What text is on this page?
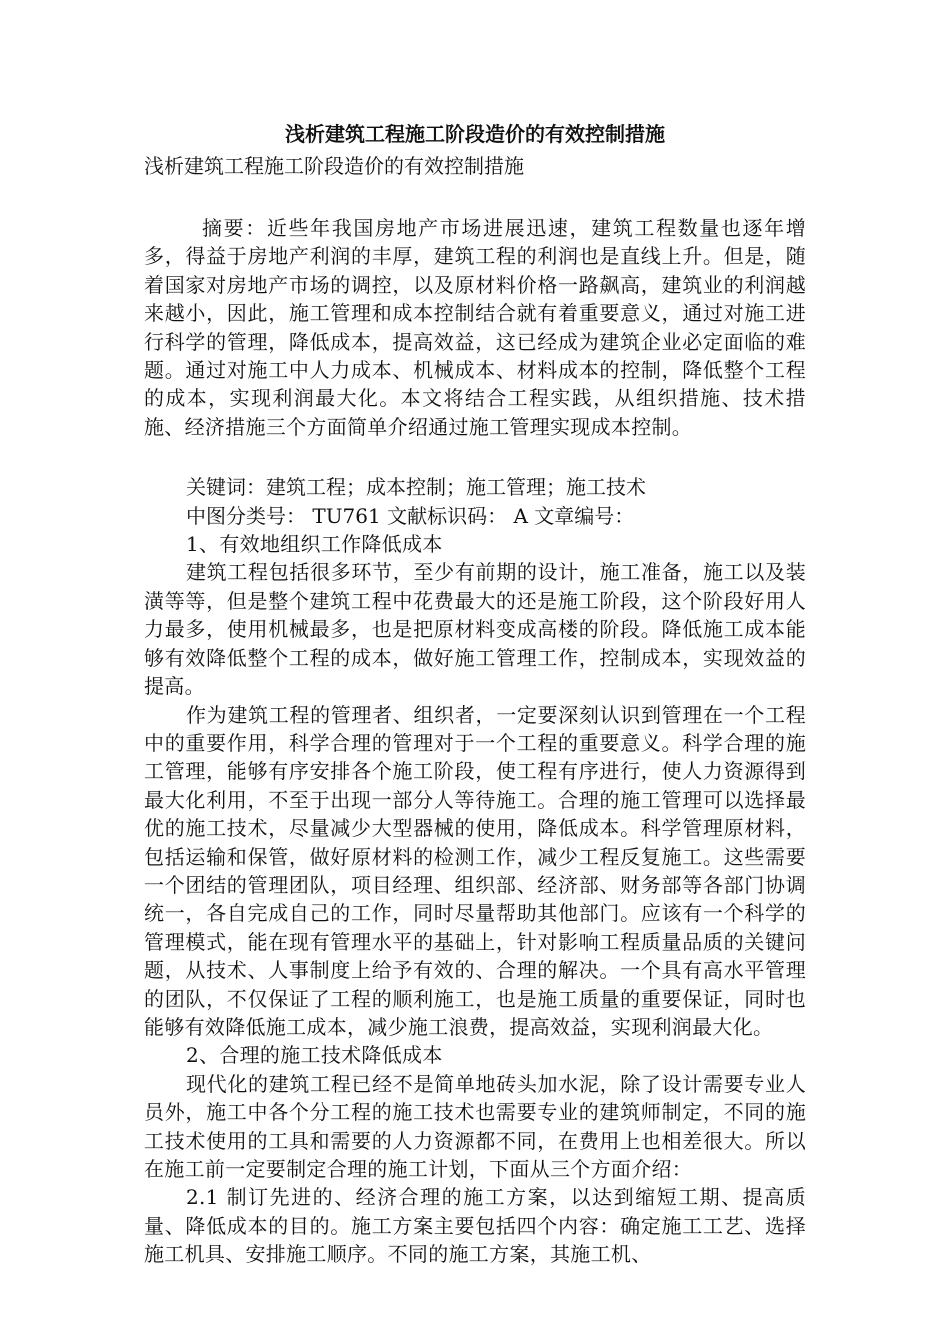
浅析建筑工程施工阶段造价的有效控制措施

浅析建筑工程施工阶段造价的有效控制措施

摘要：近些年我国房地产市场进展迅速，建筑工程数量也逐年增多，得益于房地产利润的丰厚，建筑工程的利润也是直线上升。但是，随着国家对房地产市场的调控，以及原材料价格一路飙高，建筑业的利润越来越小，因此，施工管理和成本控制结合就有着重要意义，通过对施工进行科学的管理，降低成本，提高效益，这已经成为建筑企业必定面临的难题。通过对施工中人力成本、机械成本、材料成本的控制，降低整个工程的成本，实现利润最大化。本文将结合工程实践，从组织措施、技术措施、经济措施三个方面简单介绍通过施工管理实现成本控制。

关键词：建筑工程；成本控制；施工管理；施工技术

中图分类号： TU761 文献标识码： A 文章编号：

1、有效地组织工作降低成本

建筑工程包括很多环节，至少有前期的设计，施工准备，施工以及装潢等等，但是整个建筑工程中花费最大的还是施工阶段，这个阶段好用人力最多，使用机械最多，也是把原材料变成高楼的阶段。降低施工成本能够有效降低整个工程的成本，做好施工管理工作，控制成本，实现效益的提高。

作为建筑工程的管理者、组织者，一定要深刻认识到管理在一个工程中的重要作用，科学合理的管理对于一个工程的重要意义。科学合理的施工管理，能够有序安排各个施工阶段，使工程有序进行，使人力资源得到最大化利用，不至于出现一部分人等待施工。合理的施工管理可以选择最优的施工技术，尽量减少大型器械的使用，降低成本。科学管理原材料，包括运输和保管，做好原材料的检测工作，减少工程反复施工。这些需要一个团结的管理团队，项目经理、组织部、经济部、财务部等各部门协调统一，各自完成自己的工作，同时尽量帮助其他部门。应该有一个科学的管理模式，能在现有管理水平的基础上，针对影响工程质量品质的关键问题，从技术、人事制度上给予有效的、合理的解决。一个具有高水平管理的团队，不仅保证了工程的顺利施工，也是施工质量的重要保证，同时也能够有效降低施工成本，减少施工浪费，提高效益，实现利润最大化。

2、合理的施工技术降低成本

现代化的建筑工程已经不是简单地砖头加水泥，除了设计需要专业人员外，施工中各个分工程的施工技术也需要专业的建筑师制定，不同的施工技术使用的工具和需要的人力资源都不同，在费用上也相差很大。所以在施工前一定要制定合理的施工计划，下面从三个方面介绍：

2.1 制订先进的、经济合理的施工方案，以达到缩短工期、提高质量、降低成本的目的。施工方案主要包括四个内容：确定施工工艺、选择施工机具、安排施工顺序。不同的施工方案，其施工机、
